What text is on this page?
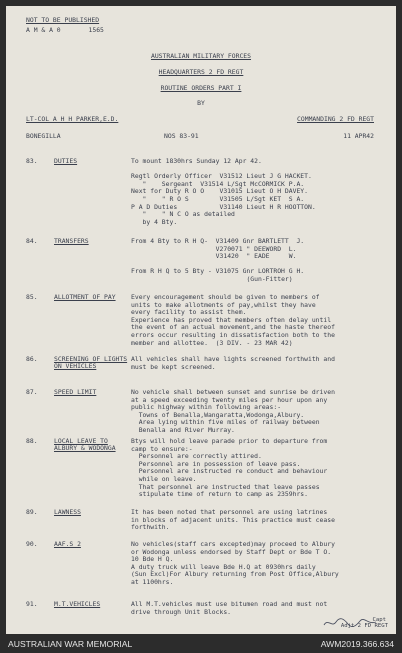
NOT TO BE PUBLISHED
A M & A 0	1565
AUSTRALIAN MILITARY FORCES
HEADQUARTERS 2 FD REGT
ROUTINE ORDERS PART I
BY
LT-COL A H H PARKER,E.D.	COMMANDING 2 FD REGT
BONEGILLA	NOS 83-91	11 APR42
83.	DUTIES	To mount 1830hrs Sunday 12 Apr 42.

Regtl Orderly Officer  V31512 Lieut J G HACKET.
"    Sergeant  V31514 L/Sgt McCORMICK P.A.
Next for Duty R O O    V31015 Lieut O H DAVEY.
"    " R O S        V31505 L/Sgt KET  S A.
P A D Duties           V31140 Lieut H R HOOTTON.
"    " N C O as detailed
by 4 Bty.
84.	TRANSFERS	From 4 Bty to R H Q-  V31409 Gnr BARTLETT  J.
V270071 " DEEWORD  L.
V31420  " EADE     W.

From R H Q to 5 Bty - V31075 Gnr LORTROH G H.
(Gun-Fitter)
85.	ALLOTMENT OF PAY	Every encouragement should be given to members of
units to make allotments of pay,whilst they have
every facility to assist them.
Experience has proved that members often delay until
the event of an actual movement,and the haste thereof
errors occur resulting in dissatisfaction both to the
member and allottee.  (3 DIV. - 23 MAR 42)
86.	SCREENING OF LIGHTS ON VEHICLES
All vehicles shall have lights screened forthwith and
must be kept screened.
87.	SPEED LIMIT	No vehicle shall between sunset and sunrise be driven
at a speed exceeding twenty miles per hour upon any
public highway within following areas:-
Towns of Benalla,Wangaratta,Wodonga,Albury.
Area lying within five miles of railway between
Benalla and River Murray.
88.	LOCAL LEAVE TO ALBURY & WODONGA
Btys will hold leave parade prior to departure from
camp to ensure:-
Personnel are correctly attired.
Personnel are in possession of leave pass.
Personnel are instructed re conduct and behaviour
while on leave.
That personnel are instructed that leave passes
stipulate time of return to camp as 2359hrs.
89.	LAWNESS	It has been noted that personnel are using latrines
in blocks of adjacent units. This practice must cease
forthwith.
90.	AAF.S 2	No vehicles(staff cars excepted)may proceed to Albury
or Wodonga unless endorsed by Staff Dept or Bde T O.
10 Bde H Q.
A duty truck will leave Bde H.Q at 0930hrs daily
(Sun Excl)For Albury returning from Post Office,Albury
at 1100hrs.
91.	M.T.VEHICLES	All M.T.vehicles must use bitumen road and must not
drive through Unit Blocks.
Capt
Adjt 2 FD REGT
AUSTRALIAN WAR MEMORIAL	AWM2019.366.634
